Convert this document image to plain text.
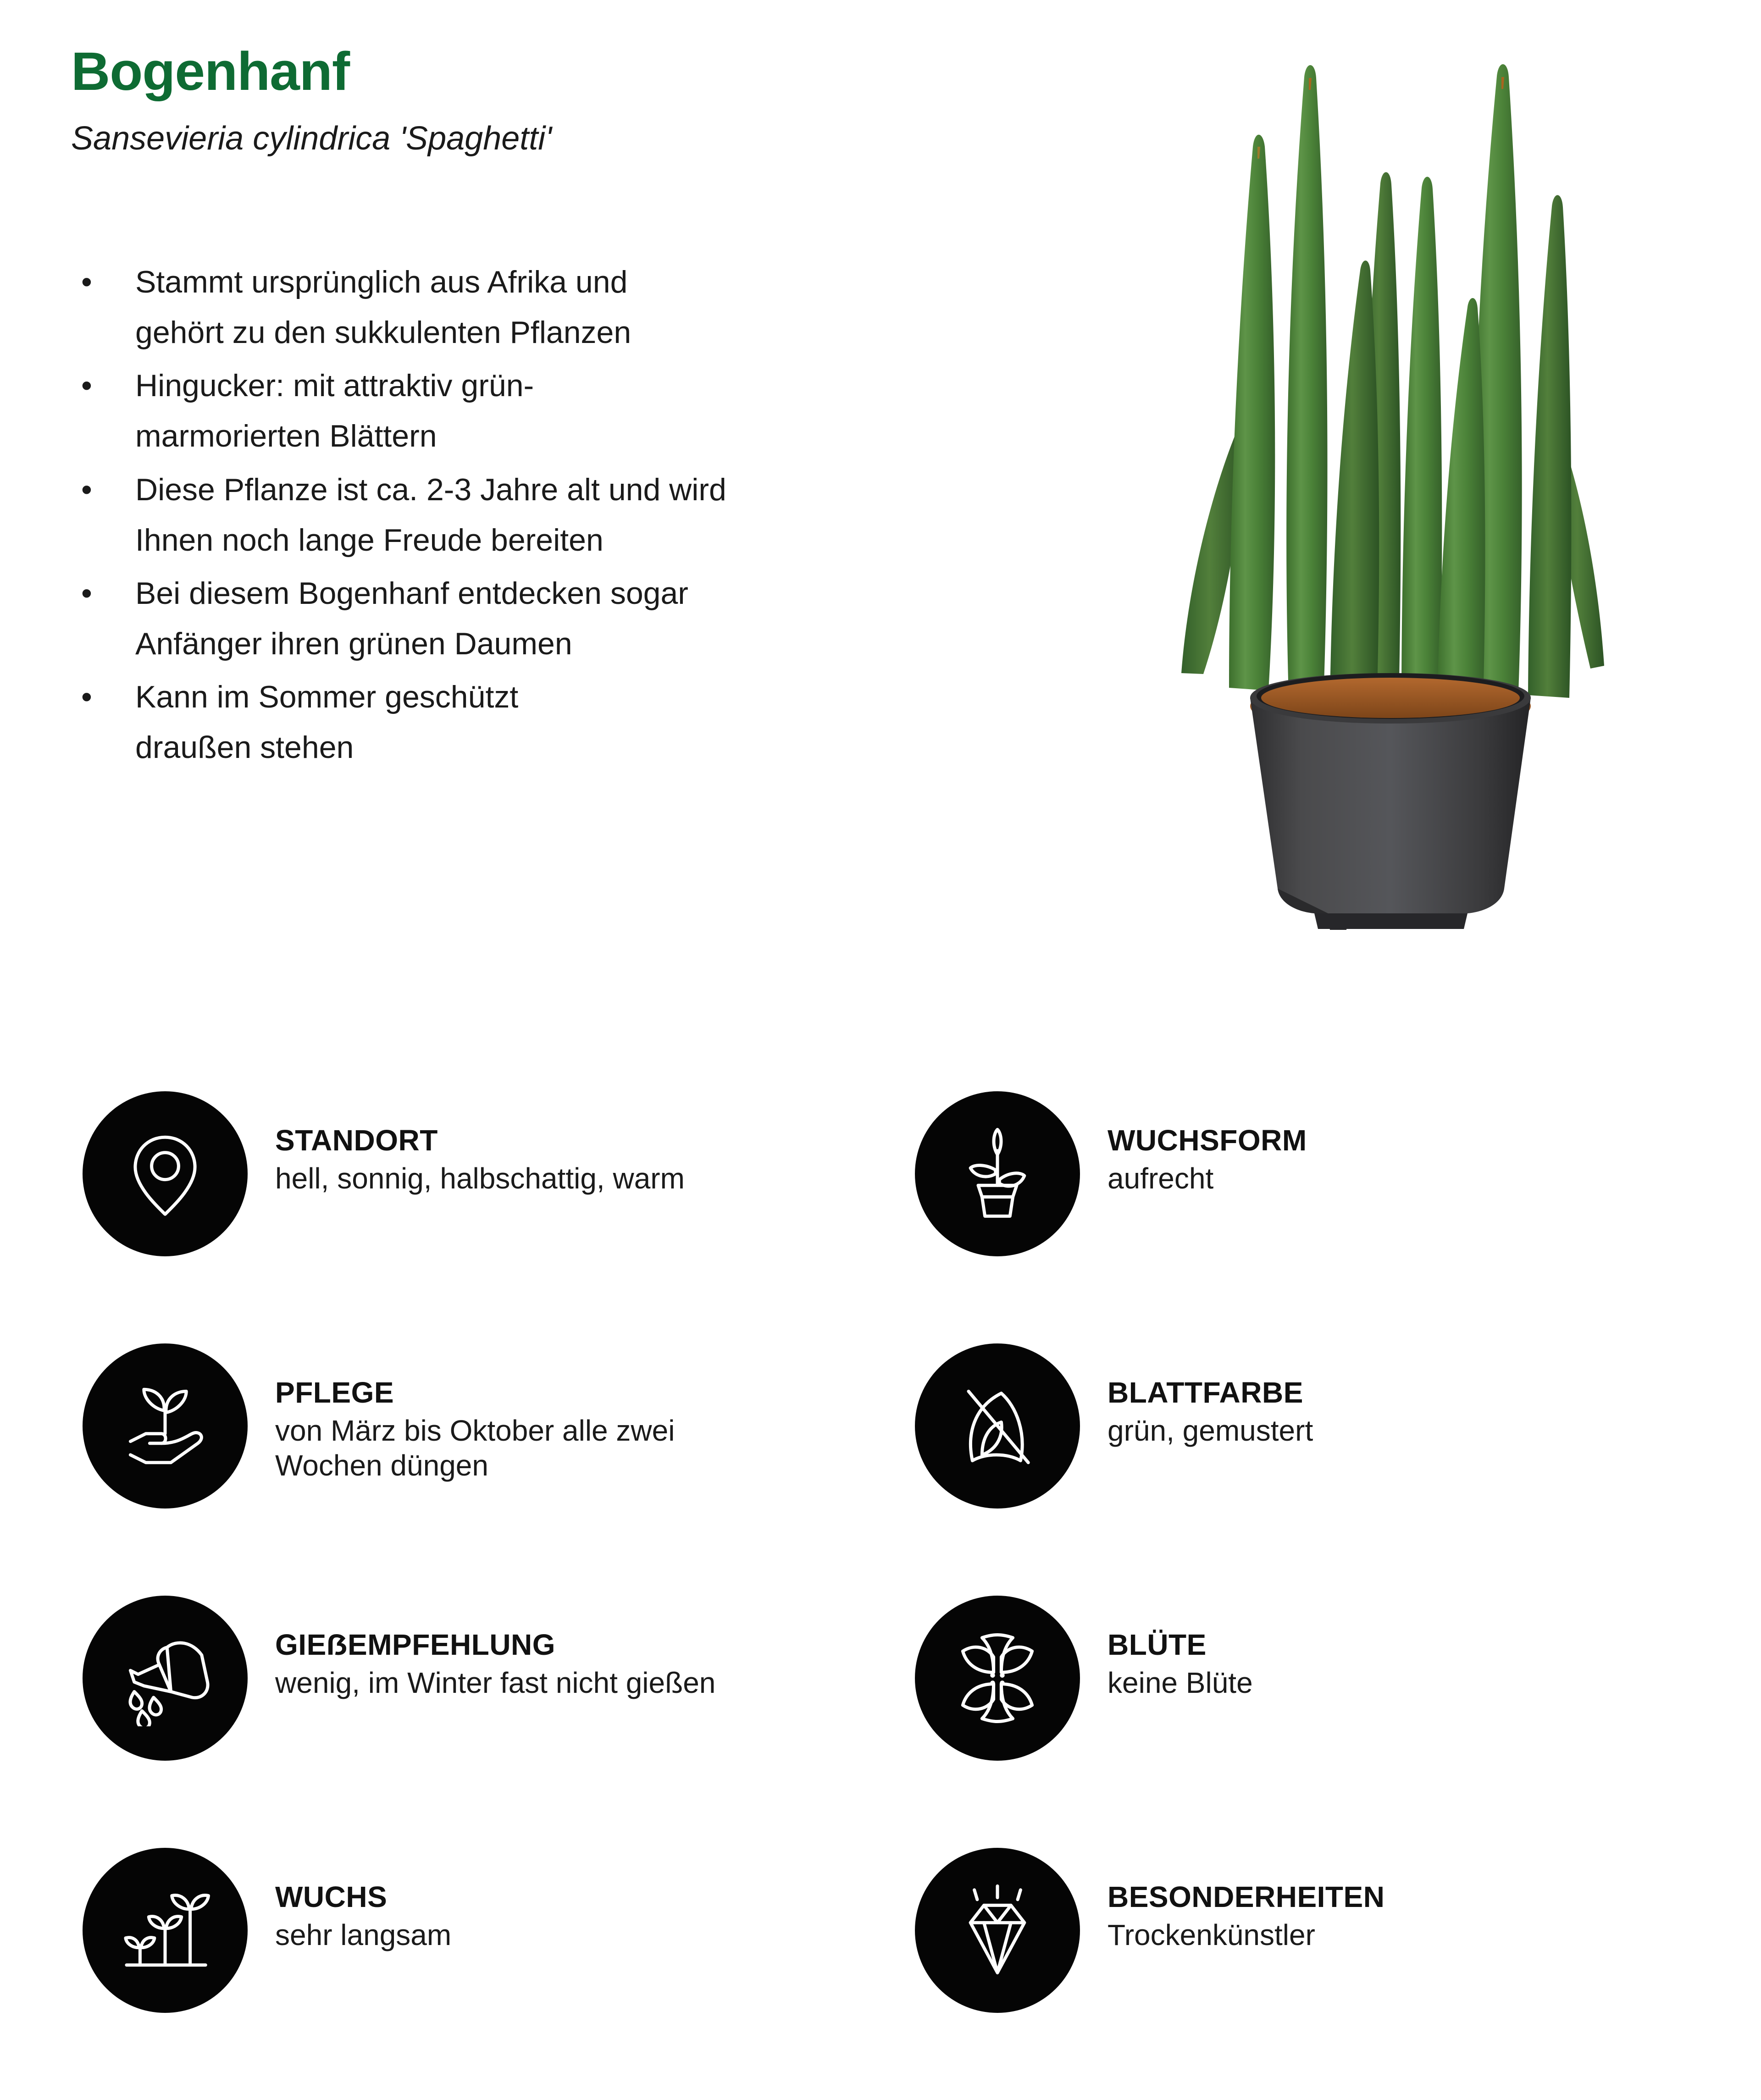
Bogenhanf
Sansevieria cylindrica 'Spaghetti'
• Stammt ursprünglich aus Afrika und
gehört zu den sukkulenten Pflanzen
• Hingucker: mit attraktiv grün-
marmorierten Blättern
• Diese Pflanze ist ca. 2-3 Jahre alt und wird
Ihnen noch lange Freude bereiten
• Bei diesem Bogenhanf entdecken sogar
Anfänger ihren grünen Daumen
• Kann im Sommer geschützt
draußen stehen
STANDORT
hell, sonnig, halbschattig, warm
WUCHSFORM
aufrecht
PFLEGE
von März bis Oktober alle zwei
Wochen düngen
BLATTFARBE
grün, gemustert
GIEẞEMPFEHLUNG
wenig, im Winter fast nicht gießen
BLÜTE
keine Blüte
WUCHS
sehr langsam
BESONDERHEITEN
Trockenkünstler
